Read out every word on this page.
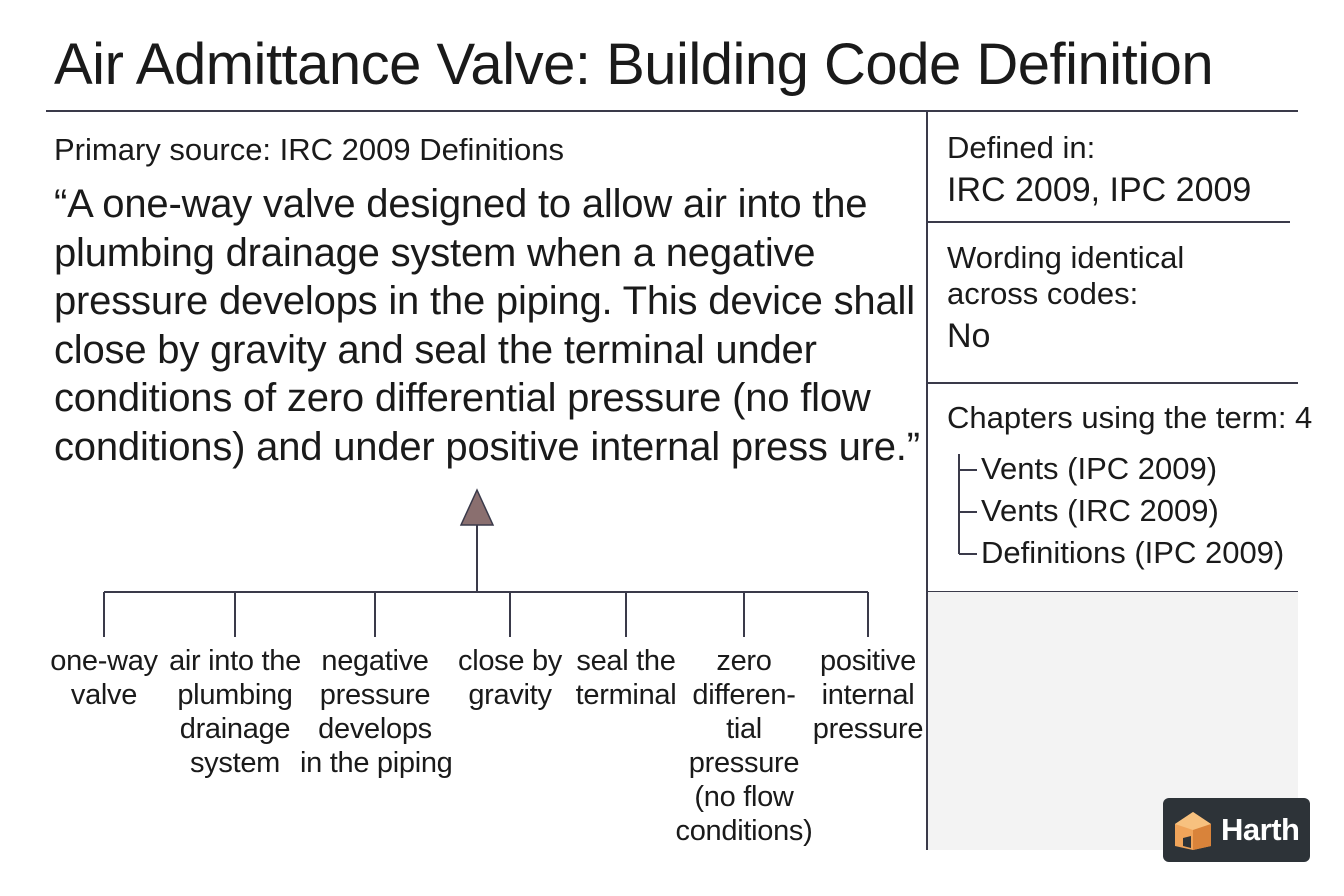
Air Admittance Valve: Building Code Definition
Primary source: IRC 2009 Definitions
“A one-way valve designed to allow air into the
plumbing drainage system when a negative
pressure develops in the piping. This device shall
close by gravity and seal the terminal under
conditions of zero differential pressure (no flow
conditions) and under positive internal press ure.”
Defined in:
IRC 2009, IPC 2009
Wording identical
across codes:
No
Chapters using the term: 4
Vents (IPC 2009)
Vents (IRC 2009)
Definitions (IPC 2009)
one-way
valve
air into the
plumbing
drainage
system
negative
pressure
develops
in the piping
close by
gravity
seal the
terminal
zero
differen-
tial
pressure
(no flow
conditions)
positive
internal
pressure
Harth
